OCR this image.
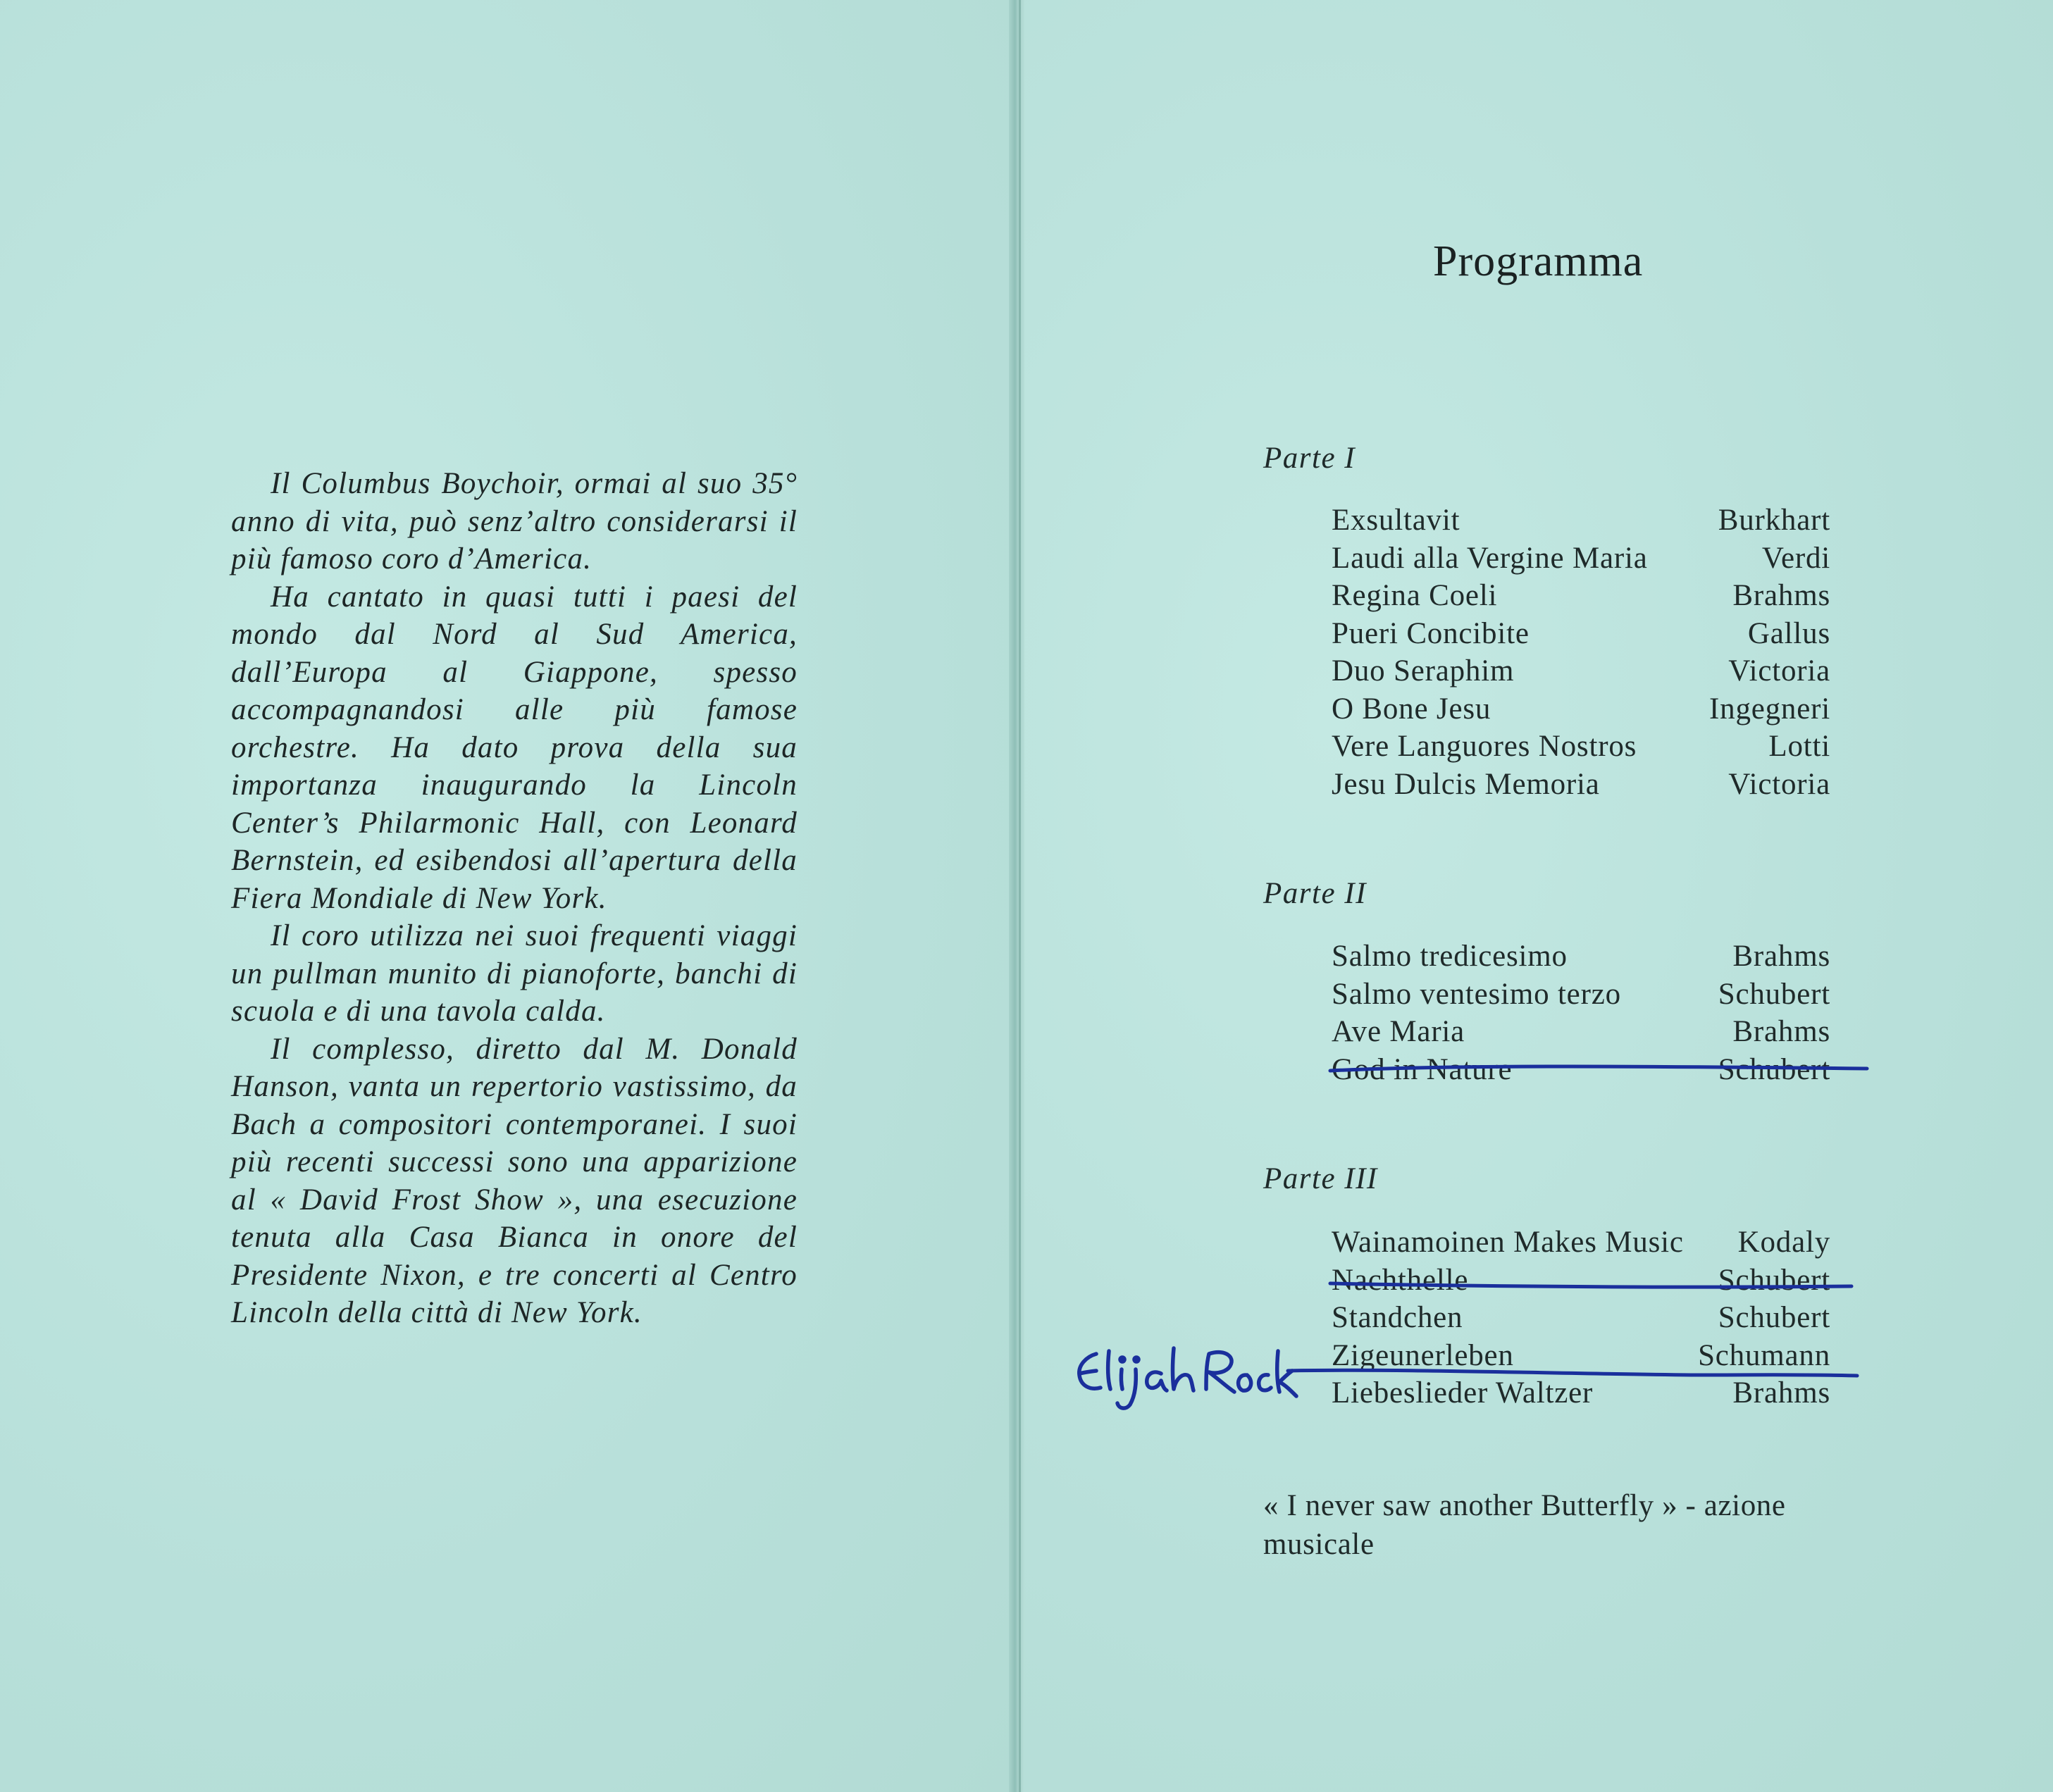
Il Columbus Boychoir, ormai al suo 35° anno di vita, può senz’altro considerarsi il più famoso coro d’America.

Ha cantato in quasi tutti i paesi del mondo dal Nord al Sud America, dall’Europa al Giappone, spesso accompagnandosi alle più famose orchestre. Ha dato prova della sua importanza inaugurando la Lincoln Center’s Philarmonic Hall, con Leonard Bernstein, ed esibendosi all’apertura della Fiera Mondiale di New York.

Il coro utilizza nei suoi frequenti viaggi un pullman munito di pianoforte, banchi di scuola e di una tavola calda.

Il complesso, diretto dal M. Donald Hanson, vanta un repertorio vastissimo, da Bach a compositori contemporanei. I suoi più recenti successi sono una apparizione al « David Frost Show », una esecuzione tenuta alla Casa Bianca in onore del Presidente Nixon, e tre concerti al Centro Lincoln della città di New York.

Programma
Parte I
Exsultavit	Burkhart
Laudi alla Vergine Maria	Verdi
Regina Coeli	Brahms
Pueri Concibite	Gallus
Duo Seraphim	Victoria
O Bone Jesu	Ingegneri
Vere Languores Nostros	Lotti
Jesu Dulcis Memoria	Victoria
Parte II
Salmo tredicesimo	Brahms
Salmo ventesimo terzo	Schubert
Ave Maria	Brahms
God in Nature	Schubert
Parte III
Wainamoinen Makes Music Kodaly
Nachthelle	Schubert
Standchen	Schubert
Zigeunerleben	Schumann
Liebeslieder Waltzer	Brahms
« I never saw another Butterfly » - azione musicale
